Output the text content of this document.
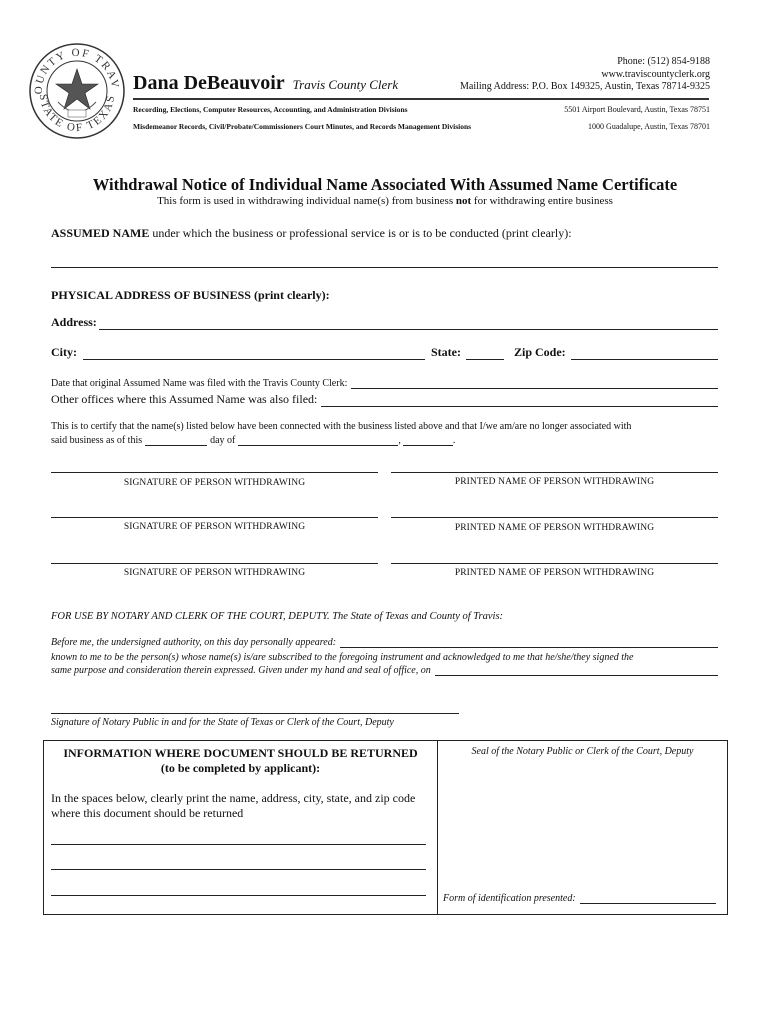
OUNTY OF TRAV
STATE OF TEXAS
Dana DeBeauvoir Travis County Clerk
Phone: (512) 854-9188
www.traviscountyclerk.org
Mailing Address: P.O. Box 149325, Austin, Texas 78714-9325
Recording, Elections, Computer Resources, Accounting, and Administration Divisions	5501 Airport Boulevard, Austin, Texas 78751
Misdemeanor Records, Civil/Probate/Commissioners Court Minutes, and Records Management Divisions	1000 Guadalupe, Austin, Texas 78701
Withdrawal Notice of Individual Name Associated With Assumed Name Certificate
This form is used in withdrawing individual name(s) from business not for withdrawing entire business
ASSUMED NAME under which the business or professional service is or is to be conducted (print clearly):
PHYSICAL ADDRESS OF BUSINESS (print clearly):
Address:
City:	State:	Zip Code:
Date that original Assumed Name was filed with the Travis County Clerk:
Other offices where this Assumed Name was also filed:
This is to certify that the name(s) listed below have been connected with the business listed above and that I/we am/are no longer associated with
said business as of this	day of	,	.
SIGNATURE OF PERSON WITHDRAWING	PRINTED NAME OF PERSON WITHDRAWING
SIGNATURE OF PERSON WITHDRAWING	PRINTED NAME OF PERSON WITHDRAWING
SIGNATURE OF PERSON WITHDRAWING	PRINTED NAME OF PERSON WITHDRAWING
FOR USE BY NOTARY AND CLERK OF THE COURT, DEPUTY. The State of Texas and County of Travis:
Before me, the undersigned authority, on this day personally appeared:
known to me to be the person(s) whose name(s) is/are subscribed to the foregoing instrument and acknowledged to me that he/she/they signed the
same purpose and consideration therein expressed. Given under my hand and seal of office, on
Signature of Notary Public in and for the State of Texas or Clerk of the Court, Deputy
INFORMATION WHERE DOCUMENT SHOULD BE RETURNED
(to be completed by applicant):
In the spaces below, clearly print the name, address, city, state, and zip code where this document should be returned
Seal of the Notary Public or Clerk of the Court, Deputy
Form of identification presented:
